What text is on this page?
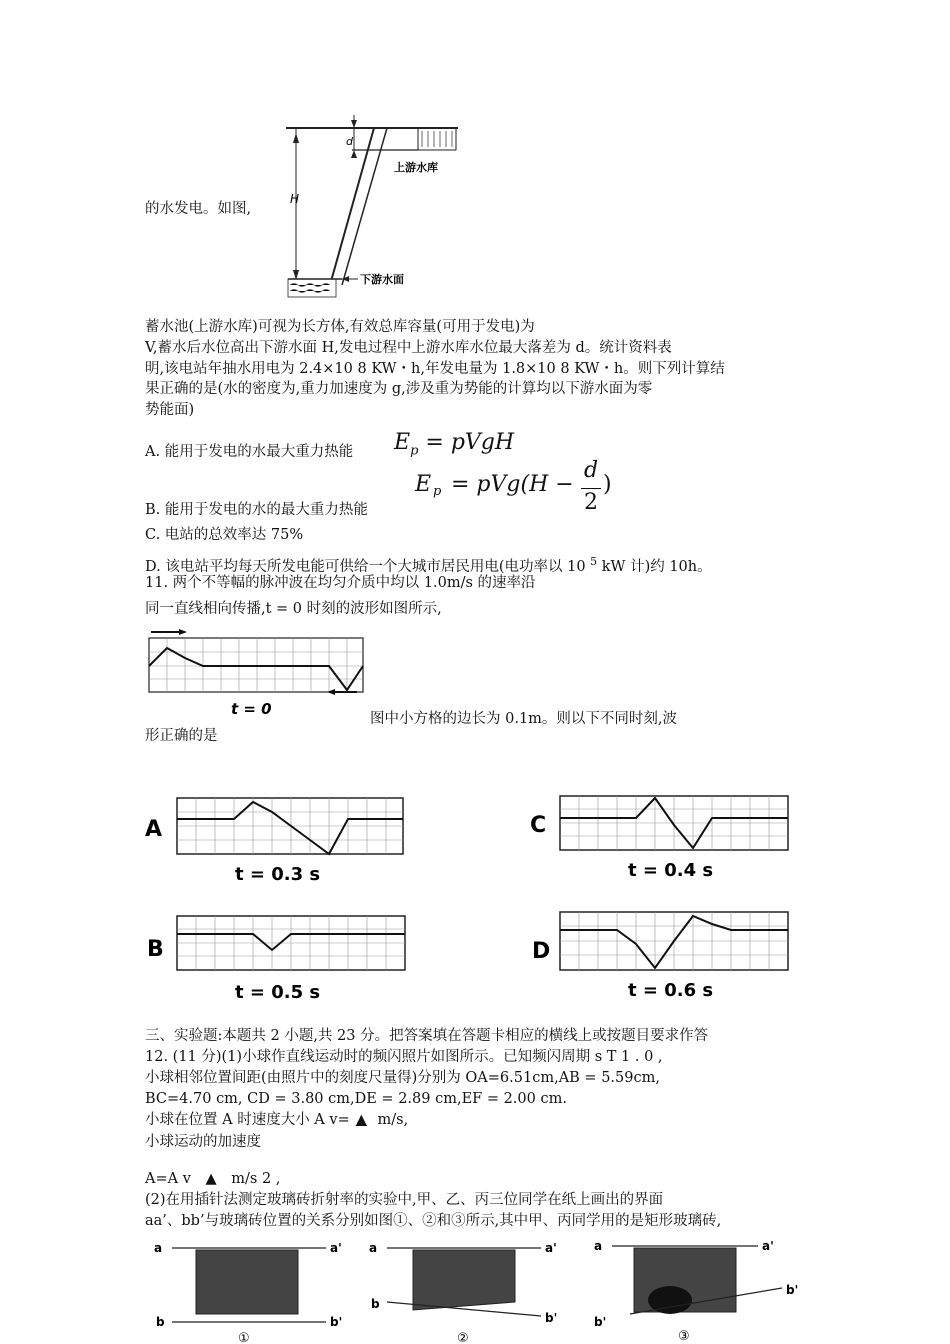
d
H
上游水库
下游水面
的水发电。如图,
蓄水池(上游水库)可视为长方体,有效总库容量(可用于发电)为
V,蓄水后水位高出下游水面 H,发电过程中上游水库水位最大落差为 d。统计资料表
明,该电站年抽水用电为 2.4×10 8 KW・h,年发电量为 1.8×10 8 KW・h。则下列计算结
果正确的是(水的密度为,重力加速度为 g,涉及重为势能的计算均以下游水面为零
势能面)
A. 能用于发电的水最大重力热能 $E_p$ = pVgH
E p = pVg(H −
d
2
)
B. 能用于发电的水的最大重力热能
C. 电站的总效率达 75%
D. 该电站平均每天所发电能可供给一个大城市居民用电(电功率以 10 $^5$ kW 计)约 10h。
11. 两个不等幅的脉冲波在均匀介质中均以 1.0m/s 的速率沿
同一直线相向传播,t = 0 时刻的波形如图所示,
t = 0
图中小方格的边长为 0.1m。则以下不同时刻,波
形正确的是
A
t = 0.3 s
C
t = 0.4 s
B
t = 0.5 s
D
t = 0.6 s
三、实验题:本题共 2 小题,共 23 分。把答案填在答题卡相应的横线上或按题目要求作答
12. (11 分)(1)小球作直线运动时的频闪照片如图所示。已知频闪周期 s T 1 . 0 ,
小球相邻位置间距(由照片中的刻度尺量得)分别为 OA=6.51cm,AB = 5.59cm,
BC=4.70 cm, CD = 3.80 cm,DE = 2.89 cm,EF = 2.00 cm.
小球在位置 A 时速度大小 A v= ▲ m/s,
小球运动的加速度
A=A v ▲ m/s 2 ,
(2)在用插针法测定玻璃砖折射率的实验中,甲、乙、丙三位同学在纸上画出的界面
aa’、bb’与玻璃砖位置的关系分别如图①、②和③所示,其中甲、丙同学用的是矩形玻璃砖,
a	a'
b	b'
①
a	a'
b
b'
②
a	a'
b'
b'
③
